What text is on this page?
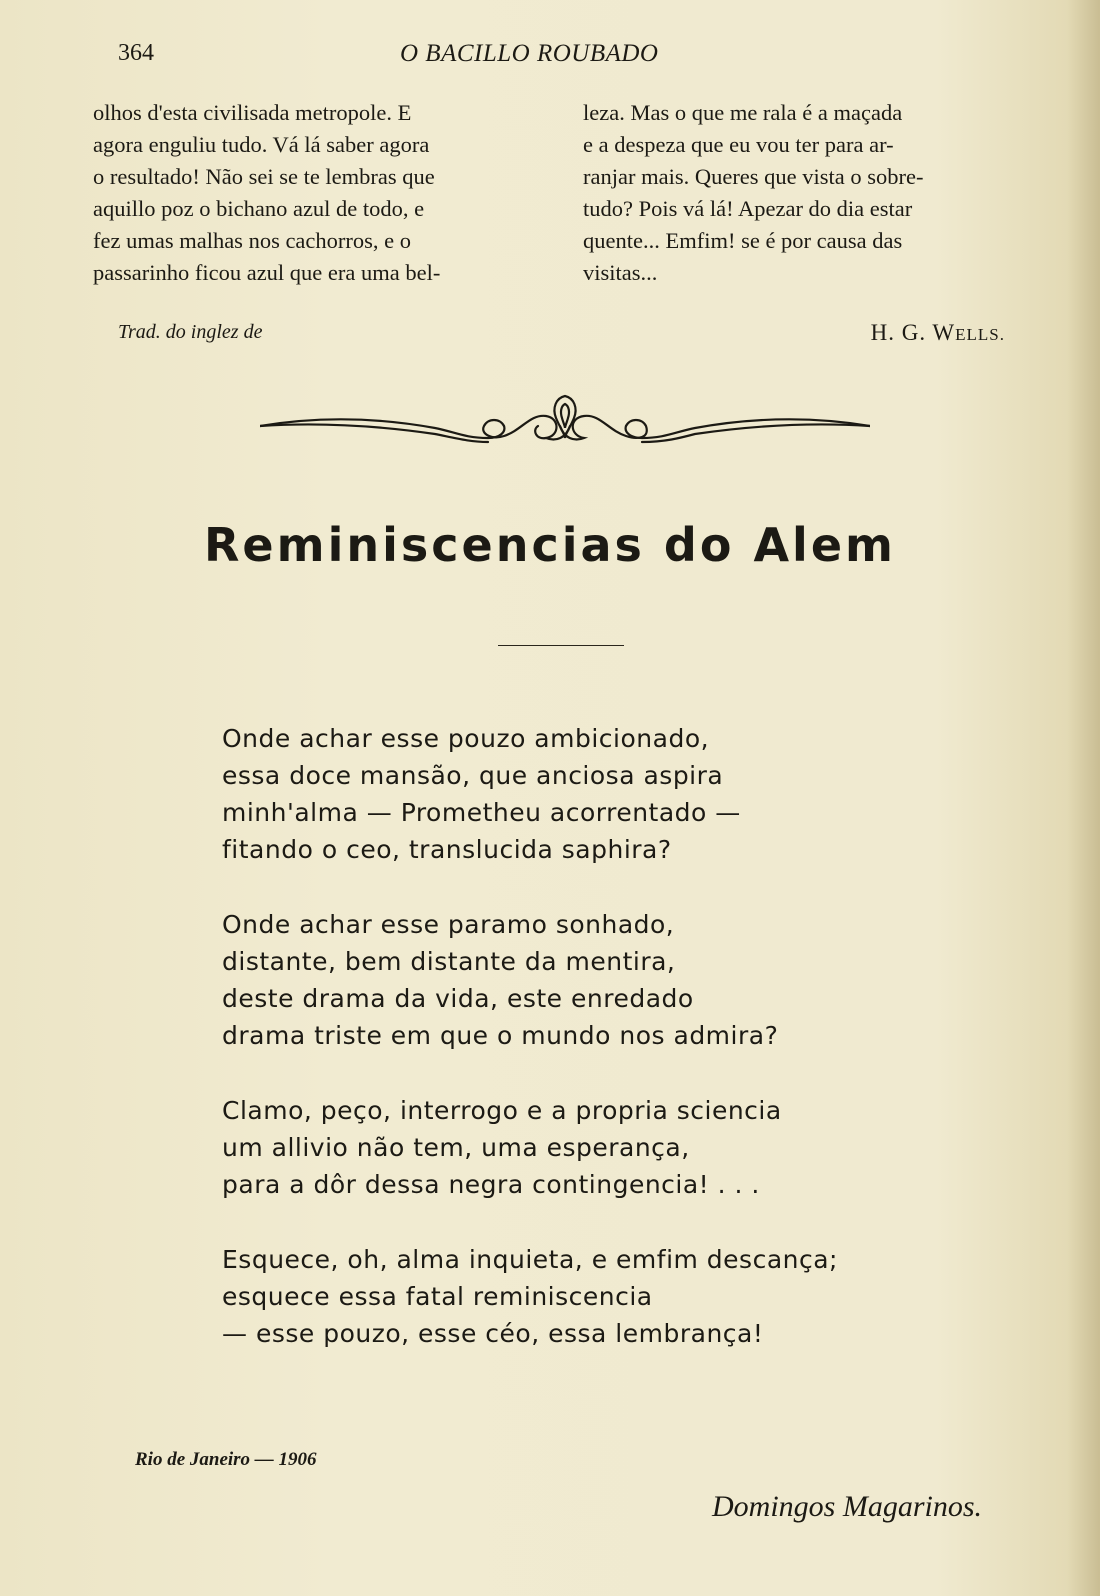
364	O BACILLO ROUBADO

olhos d'esta civilisada metropole. E

agora enguliu tudo. Vá lá saber agora

o resultado! Não sei se te lembras que

aquillo poz o bichano azul de todo, e

fez umas malhas nos cachorros, e o

passarinho ficou azul que era uma bel-

leza. Mas o que me rala é a maçada

e a despeza que eu vou ter para ar-

ranjar mais. Queres que vista o sobre-

tudo? Pois vá lá! Apezar do dia estar

quente... Emfim! se é por causa das

visitas...

Trad. do inglez de	H. G. WELLS.
Reminiscencias do Alem
Onde achar esse pouzo ambicionado,
essa doce mansão, que anciosa aspira
minh'alma — Prometheu acorrentado —
fitando o ceo, translucida saphira?
Onde achar esse paramo sonhado,
distante, bem distante da mentira,
deste drama da vida, este enredado
drama triste em que o mundo nos admira?
Clamo, peço, interrogo e a propria sciencia
um allivio não tem, uma esperança,
para a dôr dessa negra contingencia! . . .
Esquece, oh, alma inquieta, e emfim descança;
esquece essa fatal reminiscencia
— esse pouzo, esse céo, essa lembrança!
Rio de Janeiro — 1906
Domingos Magarinos.
